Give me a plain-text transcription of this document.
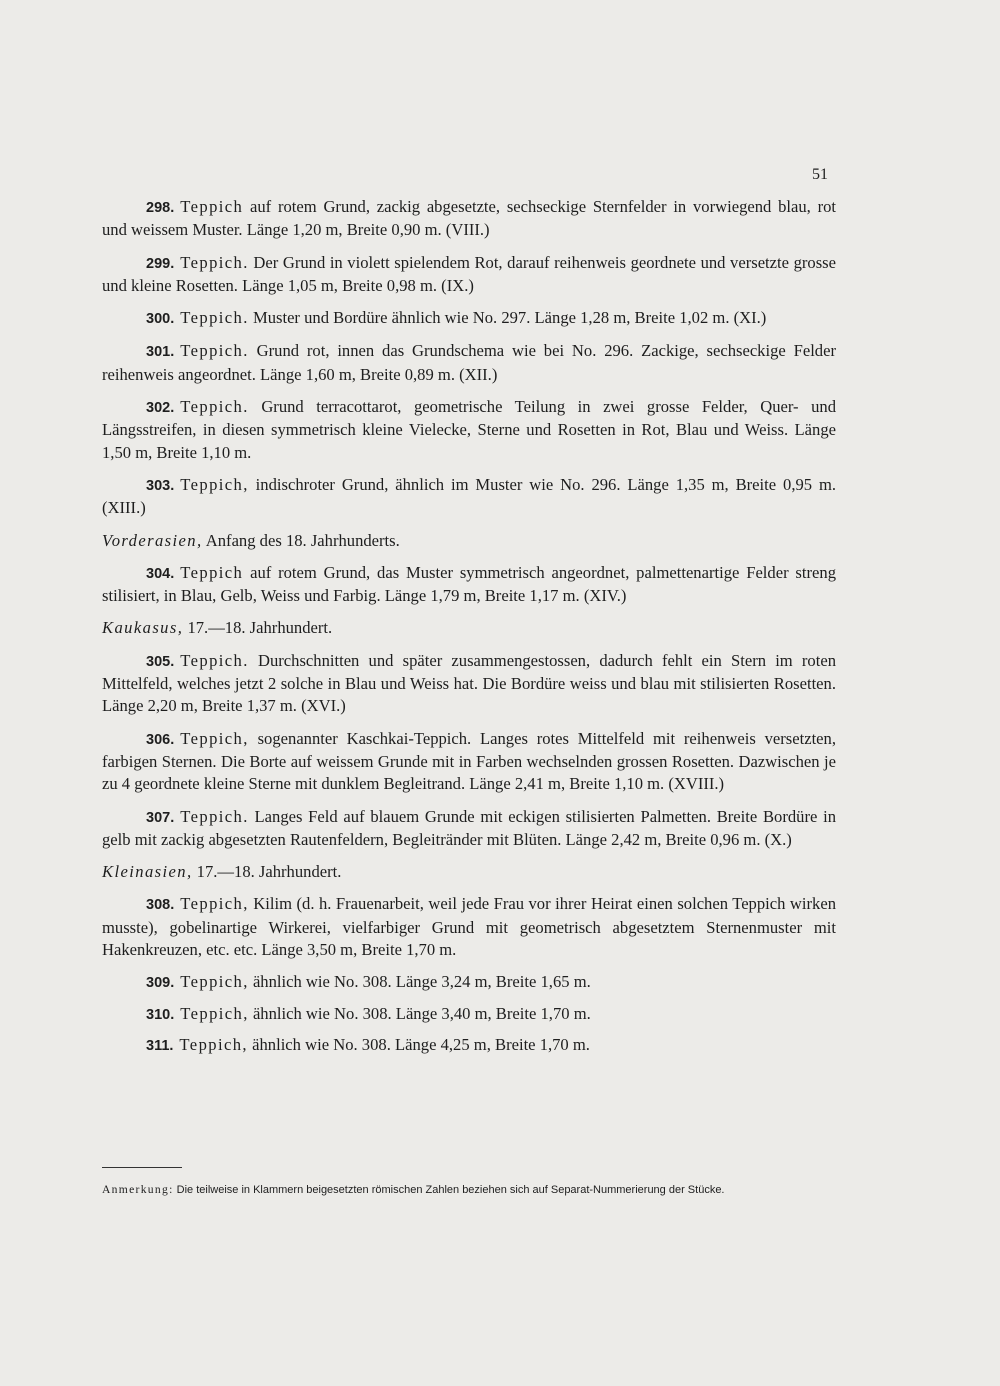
51

298. Teppich auf rotem Grund, zackig abgesetzte, sechseckige Sternfelder in vorwiegend blau, rot und weissem Muster. Länge 1,20 m, Breite 0,90 m. (VIII.)

299. Teppich. Der Grund in violett spielendem Rot, darauf reihenweis geordnete und versetzte grosse und kleine Rosetten. Länge 1,05 m, Breite 0,98 m. (IX.)

300. Teppich. Muster und Bordüre ähnlich wie No. 297. Länge 1,28 m, Breite 1,02 m. (XI.)

301. Teppich. Grund rot, innen das Grundschema wie bei No. 296. Zackige, sechseckige Felder reihenweis angeordnet. Länge 1,60 m, Breite 0,89 m. (XII.)

302. Teppich. Grund terracottarot, geometrische Teilung in zwei grosse Felder, Quer- und Längsstreifen, in diesen symmetrisch kleine Vielecke, Sterne und Rosetten in Rot, Blau und Weiss. Länge 1,50 m, Breite 1,10 m.

303. Teppich, indischroter Grund, ähnlich im Muster wie No. 296. Länge 1,35 m, Breite 0,95 m. (XIII.)

Vorderasien, Anfang des 18. Jahrhunderts.

304. Teppich auf rotem Grund, das Muster symmetrisch angeordnet, palmettenartige Felder streng stilisiert, in Blau, Gelb, Weiss und Farbig. Länge 1,79 m, Breite 1,17 m. (XIV.)

Kaukasus, 17.—18. Jahrhundert.

305. Teppich. Durchschnitten und später zusammengestossen, dadurch fehlt ein Stern im roten Mittelfeld, welches jetzt 2 solche in Blau und Weiss hat. Die Bordüre weiss und blau mit stilisierten Rosetten. Länge 2,20 m, Breite 1,37 m. (XVI.)

306. Teppich, sogenannter Kaschkai-Teppich. Langes rotes Mittelfeld mit reihenweis versetzten, farbigen Sternen. Die Borte auf weissem Grunde mit in Farben wechselnden grossen Rosetten. Dazwischen je zu 4 geordnete kleine Sterne mit dunklem Begleitrand. Länge 2,41 m, Breite 1,10 m. (XVIII.)

307. Teppich. Langes Feld auf blauem Grunde mit eckigen stilisierten Palmetten. Breite Bordüre in gelb mit zackig abgesetzten Rautenfeldern, Begleitränder mit Blüten. Länge 2,42 m, Breite 0,96 m. (X.)

Kleinasien, 17.—18. Jahrhundert.

308. Teppich, Kilim (d. h. Frauenarbeit, weil jede Frau vor ihrer Heirat einen solchen Teppich wirken musste), gobelinartige Wirkerei, vielfarbiger Grund mit geometrisch abgesetztem Sternenmuster mit Hakenkreuzen, etc. etc. Länge 3,50 m, Breite 1,70 m.

309. Teppich, ähnlich wie No. 308. Länge 3,24 m, Breite 1,65 m.

310. Teppich, ähnlich wie No. 308. Länge 3,40 m, Breite 1,70 m.

311. Teppich, ähnlich wie No. 308. Länge 4,25 m, Breite 1,70 m.

Anmerkung: Die teilweise in Klammern beigesetzten römischen Zahlen beziehen sich auf Separat-Nummerierung der Stücke.
